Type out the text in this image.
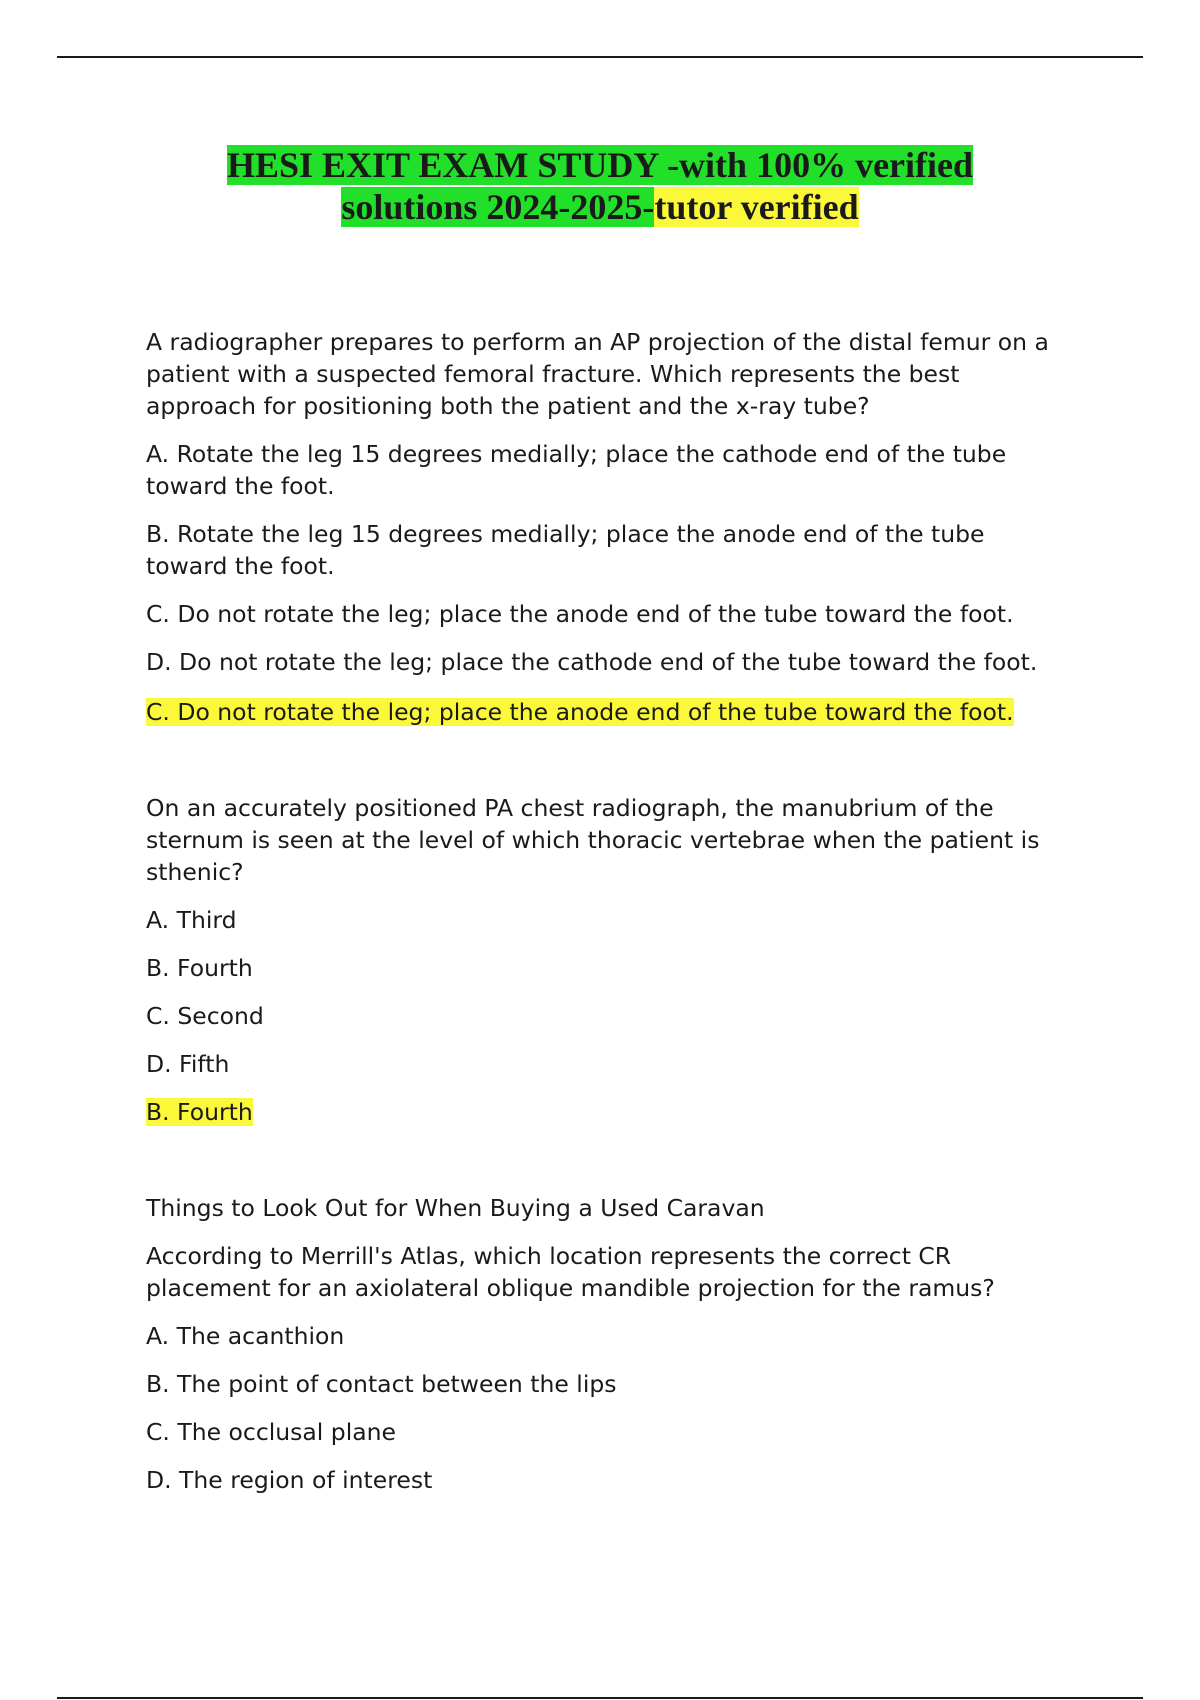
HESI EXIT EXAM STUDY -with 100% verified
solutions 2024-2025-tutor verified

A radiographer prepares to perform an AP projection of the distal femur on a patient with a suspected femoral fracture. Which represents the best approach for positioning both the patient and the x-ray tube?

A. Rotate the leg 15 degrees medially; place the cathode end of the tube toward the foot.

B. Rotate the leg 15 degrees medially; place the anode end of the tube toward the foot.

C. Do not rotate the leg; place the anode end of the tube toward the foot.

D. Do not rotate the leg; place the cathode end of the tube toward the foot.

C. Do not rotate the leg; place the anode end of the tube toward the foot.

On an accurately positioned PA chest radiograph, the manubrium of the sternum is seen at the level of which thoracic vertebrae when the patient is sthenic?

A. Third

B. Fourth

C. Second

D. Fifth

B. Fourth

Things to Look Out for When Buying a Used Caravan

According to Merrill's Atlas, which location represents the correct CR placement for an axiolateral oblique mandible projection for the ramus?

A. The acanthion

B. The point of contact between the lips

C. The occlusal plane

D. The region of interest
